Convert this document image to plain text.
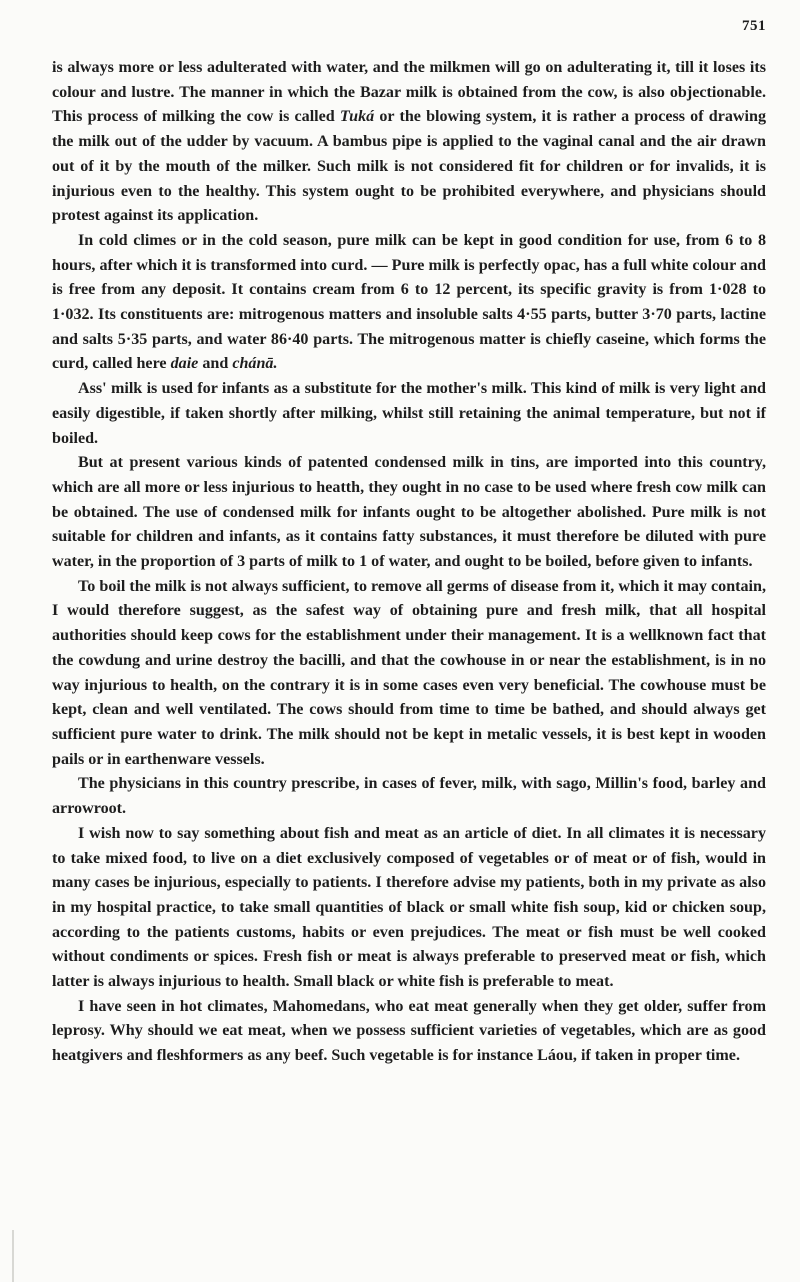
751

is always more or less adulterated with water, and the milkmen will go on adulterating it, till it loses its colour and lustre. The manner in which the Bazar milk is obtained from the cow, is also objectionable. This process of milking the cow is called Tuká or the blowing system, it is rather a process of drawing the milk out of the udder by vacuum. A bambus pipe is applied to the vaginal canal and the air drawn out of it by the mouth of the milker. Such milk is not considered fit for children or for invalids, it is injurious even to the healthy. This system ought to be prohibited everywhere, and physicians should protest against its application.

In cold climes or in the cold season, pure milk can be kept in good condition for use, from 6 to 8 hours, after which it is transformed into curd. — Pure milk is perfectly opac, has a full white colour and is free from any deposit. It contains cream from 6 to 12 percent, its specific gravity is from 1·028 to 1·032. Its constituents are: mitrogenous matters and insoluble salts 4·55 parts, butter 3·70 parts, lactine and salts 5·35 parts, and water 86·40 parts. The mitrogenous matter is chiefly caseine, which forms the curd, called here daie and chánā.

Ass' milk is used for infants as a substitute for the mother's milk. This kind of milk is very light and easily digestible, if taken shortly after milking, whilst still retaining the animal temperature, but not if boiled.

But at present various kinds of patented condensed milk in tins, are imported into this country, which are all more or less injurious to heatth, they ought in no case to be used where fresh cow milk can be obtained. The use of condensed milk for infants ought to be altogether abolished. Pure milk is not suitable for children and infants, as it contains fatty substances, it must therefore be diluted with pure water, in the proportion of 3 parts of milk to 1 of water, and ought to be boiled, before given to infants.

To boil the milk is not always sufficient, to remove all germs of disease from it, which it may contain, I would therefore suggest, as the safest way of obtaining pure and fresh milk, that all hospital authorities should keep cows for the establishment under their management. It is a wellknown fact that the cowdung and urine destroy the bacilli, and that the cowhouse in or near the establishment, is in no way injurious to health, on the contrary it is in some cases even very beneficial. The cowhouse must be kept, clean and well ventilated. The cows should from time to time be bathed, and should always get sufficient pure water to drink. The milk should not be kept in metalic vessels, it is best kept in wooden pails or in earthenware vessels.

The physicians in this country prescribe, in cases of fever, milk, with sago, Millin's food, barley and arrowroot.

I wish now to say something about fish and meat as an article of diet. In all climates it is necessary to take mixed food, to live on a diet exclusively composed of vegetables or of meat or of fish, would in many cases be injurious, especially to patients. I therefore advise my patients, both in my private as also in my hospital practice, to take small quantities of black or small white fish soup, kid or chicken soup, according to the patients customs, habits or even prejudices. The meat or fish must be well cooked without condiments or spices. Fresh fish or meat is always preferable to preserved meat or fish, which latter is always injurious to health. Small black or white fish is preferable to meat.

I have seen in hot climates, Mahomedans, who eat meat generally when they get older, suffer from leprosy. Why should we eat meat, when we possess sufficient varieties of vegetables, which are as good heatgivers and fleshformers as any beef. Such vegetable is for instance Láou, if taken in proper time.
